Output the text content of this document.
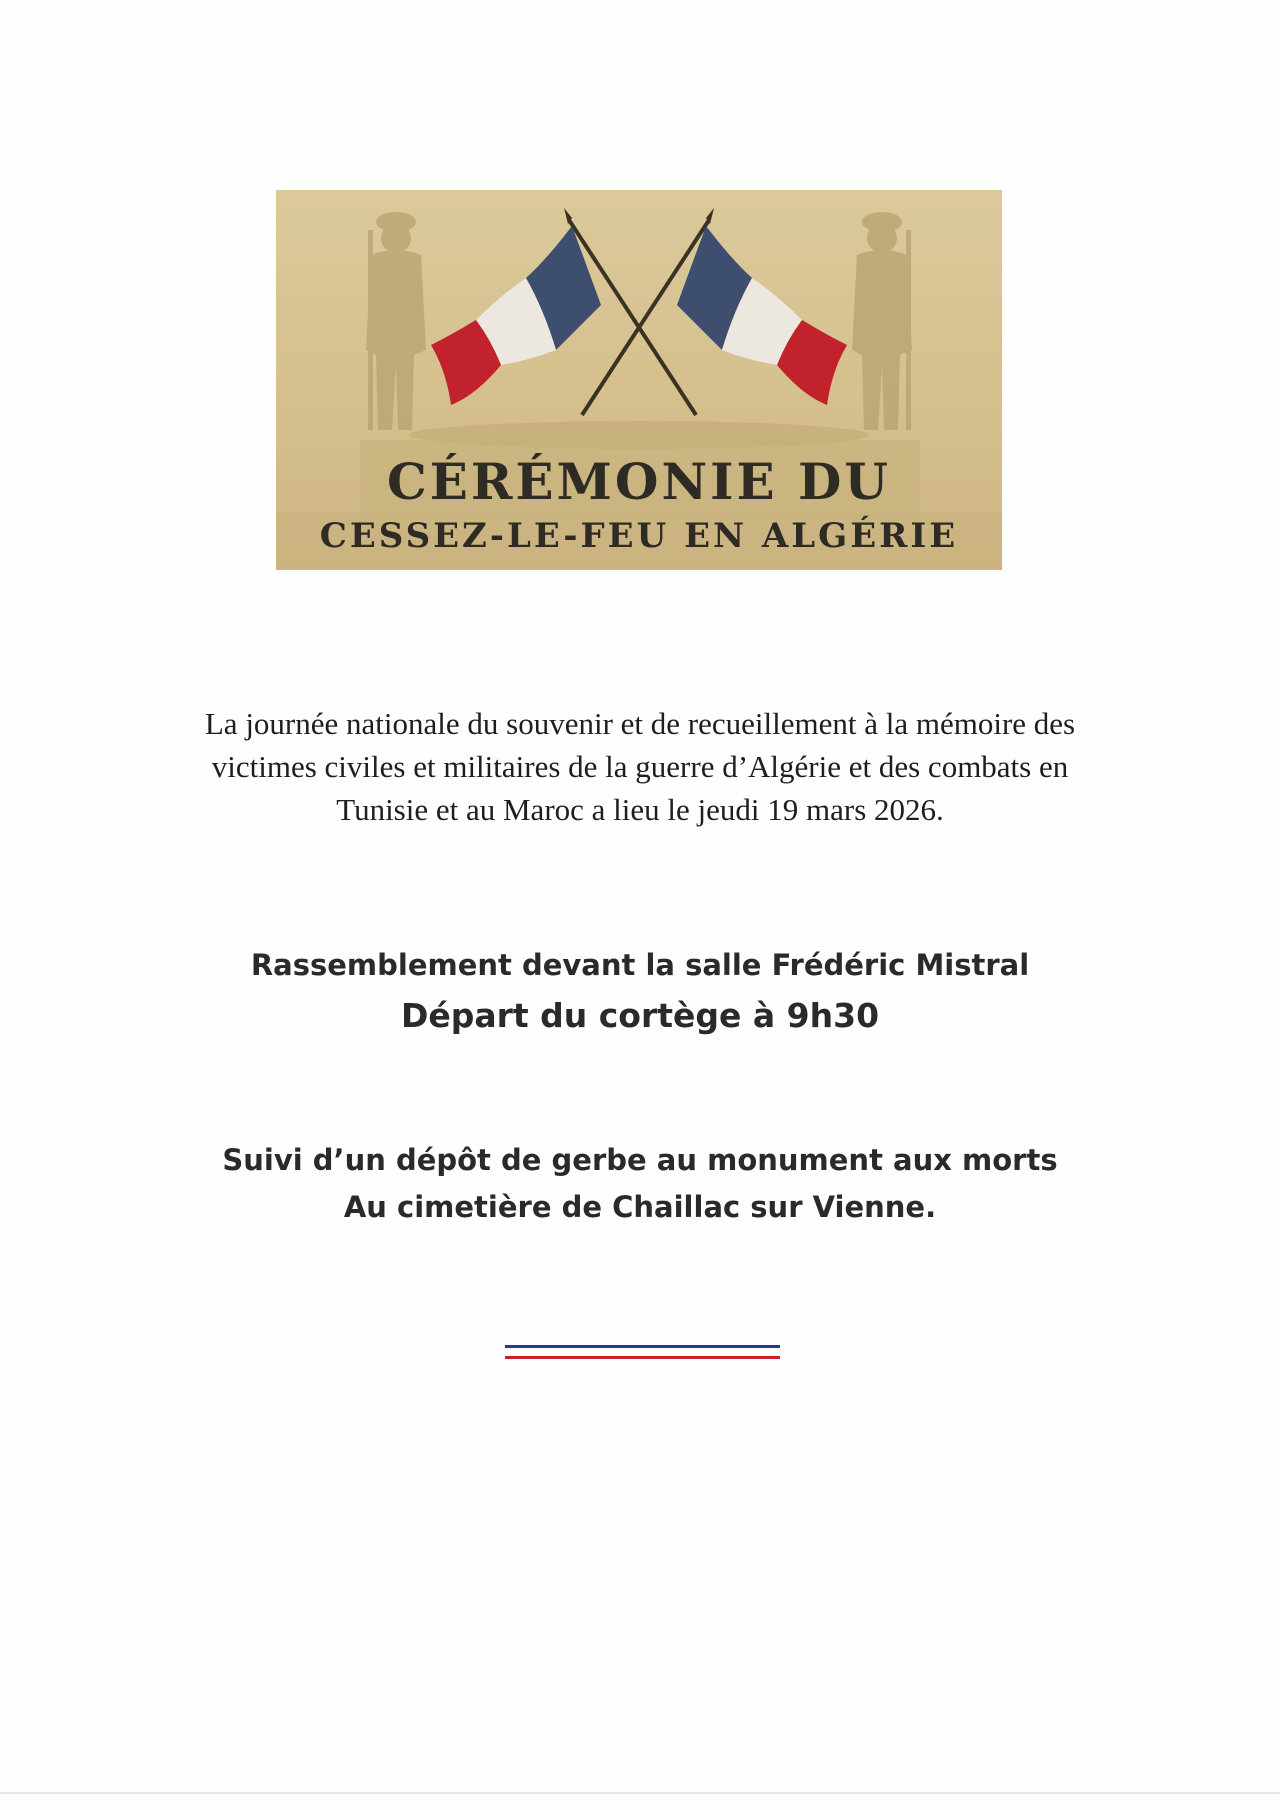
CÉRÉMONIE DU
CESSEZ-LE-FEU EN ALGÉRIE
La journée nationale du souvenir et de recueillement à la mémoire des
victimes civiles et militaires de la guerre d’Algérie et des combats en
Tunisie et au Maroc a lieu le jeudi 19 mars 2026.
Rassemblement devant la salle Frédéric Mistral
Départ du cortège à 9h30
Suivi d’un dépôt de gerbe au monument aux morts
Au cimetière de Chaillac sur Vienne.
